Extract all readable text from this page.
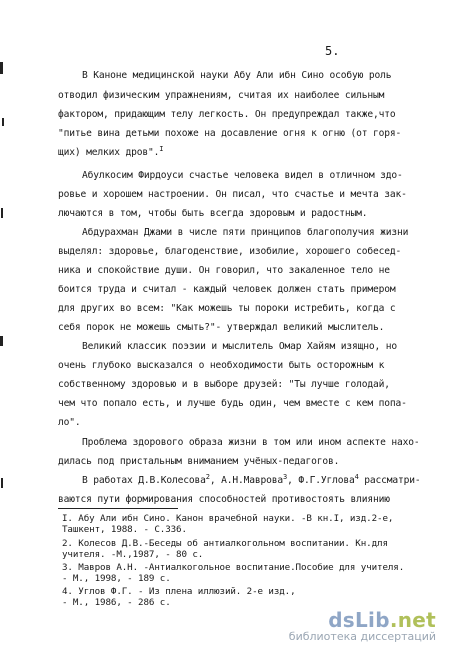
5.
В Каноне медицинской науки Абу Али ибн Сино особую роль
отводил физическим упражнениям, считая их наиболее сильным
фактором, придающим телу легкость. Он предупреждал также,что
"питье вина детьми похоже на досавление огня к огню (от горя-
щих) мелких дров".$^I$
Абулкосим Фирдоуси счастье человека видел в отличном здо-
ровье и хорошем настроении. Он писал, что счастье и мечта зак-
лючаются в том, чтобы быть всегда здоровым и радостным.
Абдурахман Джами в числе пяти принципов благополучия жизни
выделял: здоровье, благоденствие, изобилие, хорошего собесед-
ника и спокойствие души. Он говорил, что закаленное тело не
боится труда и считал - каждый человек должен стать примером
для других во всем: "Как можешь ты пороки истребить, когда с
себя порок не можешь смыть?"- утверждал великий мыслитель.
Великий классик поэзии и мыслитель Омар Хайям изящно, но
очень глубоко высказался о необходимости быть осторожным к
собственному здоровью и в выборе друзей: "Ты лучше голодай,
чем что попало есть, и лучше будь один, чем вместе с кем попа-
ло".
Проблема здорового образа жизни в том или ином аспекте нахо-
дилась под пристальным вниманием учёных-педагогов.
В работах Д.В.Колесова$^2$, А.Н.Маврова$^3$, Ф.Г.Углова$^4$ рассматри-
ваются пути формирования способностей противостоять влиянию
I. Абу Али ибн Сино. Канон врачебной науки. -В кн.I, изд.2-е,
Ташкент, 1988. - С.336.
2. Колесов Д.В.-Беседы об антиалкогольном воспитании. Кн.для
учителя. -М.,1987, - 80 с.
3. Мавров А.Н. -Антиалкогольное воспитание.Пособие для учителя.
- М., 1998, - 189 с.
4. Углов Ф.Г. - Из плена иллюзий. 2-е изд.,
- М., 1986, - 286 с.
dsLib.net
библиотека диссертаций
